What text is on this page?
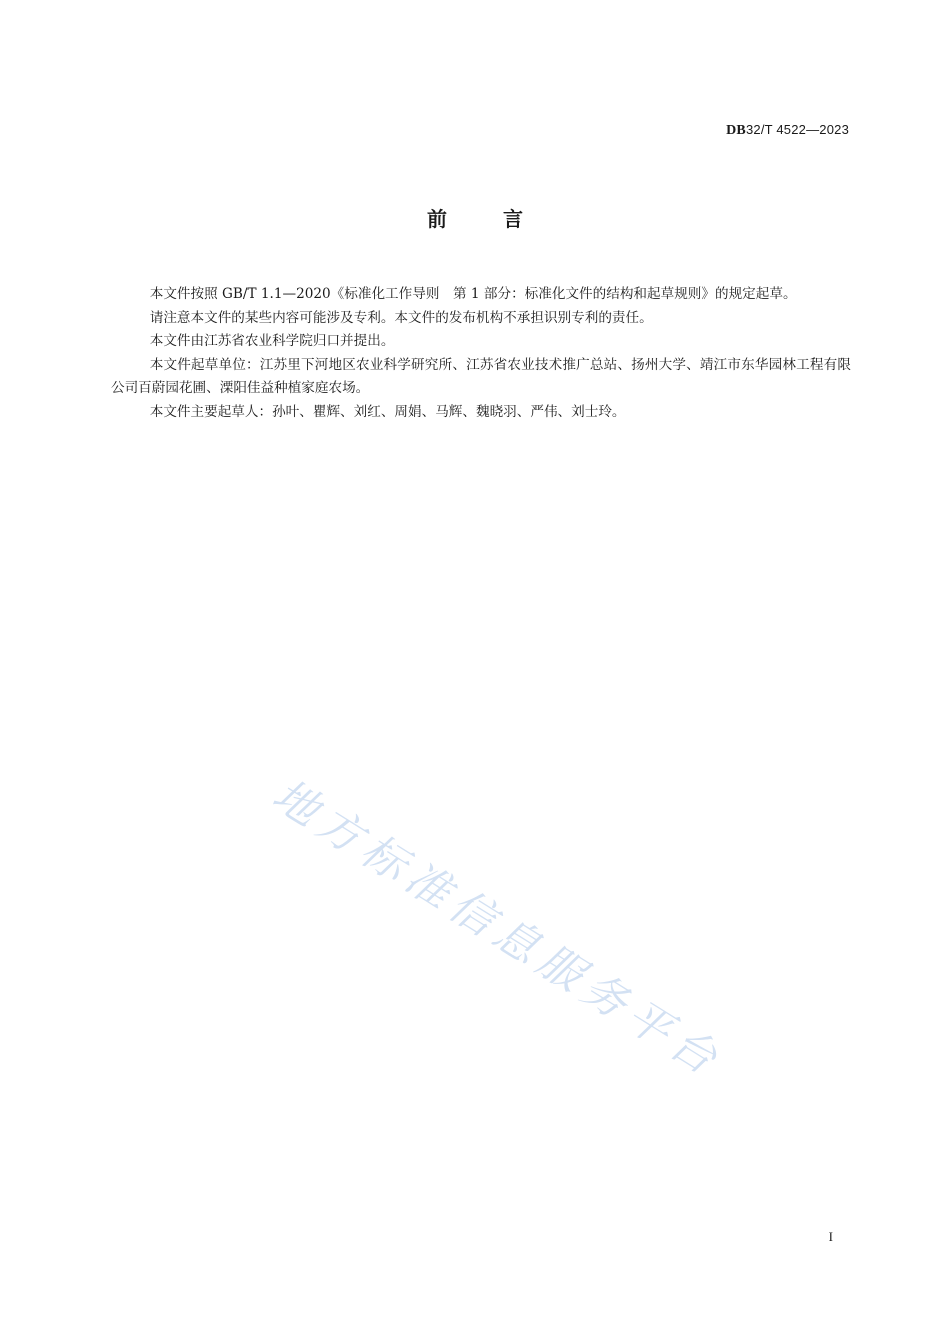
DB32/T 4522—2023
前言

本文件按照 GB/T 1.1—2020《标准化工作导则　第 1 部分：标准化文件的结构和起草规则》的规定起草。

请注意本文件的某些内容可能涉及专利。本文件的发布机构不承担识别专利的责任。

本文件由江苏省农业科学院归口并提出。

本文件起草单位：江苏里下河地区农业科学研究所、江苏省农业技术推广总站、扬州大学、靖江市东华园林工程有限公司百蔚园花圃、溧阳佳益种植家庭农场。

本文件主要起草人：孙叶、瞿辉、刘红、周娟、马辉、魏晓羽、严伟、刘士玲。

地方标准信息服务平台
I
